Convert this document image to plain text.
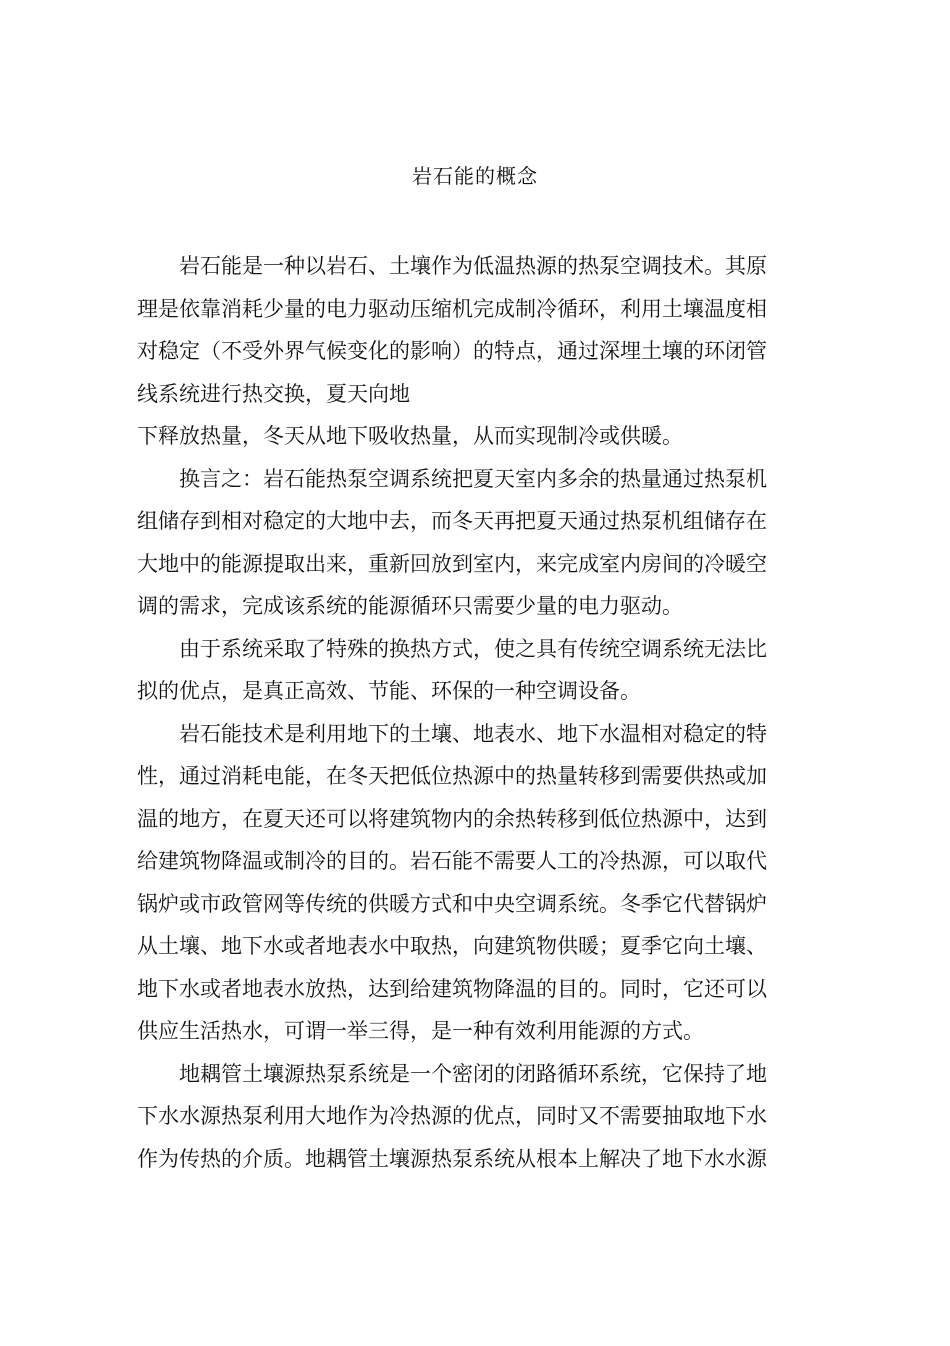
岩石能的概念

岩石能是一种以岩石、土壤作为低温热源的热泵空调技术。其原理是依靠消耗少量的电力驱动压缩机完成制冷循环，利用土壤温度相对稳定（不受外界气候变化的影响）的特点，通过深埋土壤的环闭管线系统进行热交换，夏天向地

下释放热量，冬天从地下吸收热量，从而实现制冷或供暖。

换言之：岩石能热泵空调系统把夏天室内多余的热量通过热泵机组储存到相对稳定的大地中去，而冬天再把夏天通过热泵机组储存在大地中的能源提取出来，重新回放到室内，来完成室内房间的冷暖空调的需求，完成该系统的能源循环只需要少量的电力驱动。

由于系统采取了特殊的换热方式，使之具有传统空调系统无法比拟的优点，是真正高效、节能、环保的一种空调设备。

岩石能技术是利用地下的土壤、地表水、地下水温相对稳定的特性，通过消耗电能，在冬天把低位热源中的热量转移到需要供热或加温的地方，在夏天还可以将建筑物内的余热转移到低位热源中，达到给建筑物降温或制冷的目的。岩石能不需要人工的冷热源，可以取代锅炉或市政管网等传统的供暖方式和中央空调系统。冬季它代替锅炉从土壤、地下水或者地表水中取热，向建筑物供暖；夏季它向土壤、地下水或者地表水放热，达到给建筑物降温的目的。同时，它还可以供应生活热水，可谓一举三得，是一种有效利用能源的方式。

地耦管土壤源热泵系统是一个密闭的闭路循环系统，它保持了地下水水源热泵利用大地作为冷热源的优点，同时又不需要抽取地下水作为传热的介质。地耦管土壤源热泵系统从根本上解决了地下水水源
